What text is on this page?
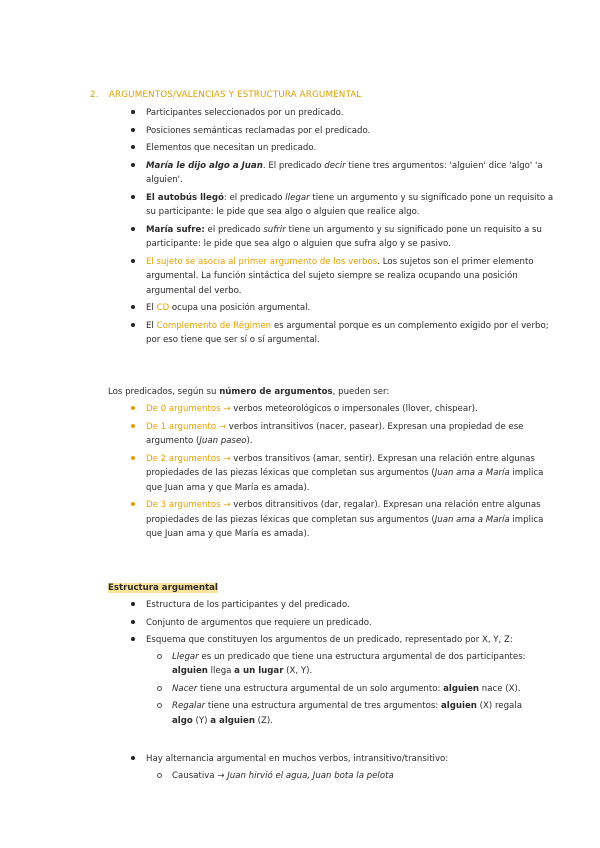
2. ARGUMENTOS/VALENCIAS Y ESTRUCTURA ARGUMENTAL
Participantes seleccionados por un predicado.
Posiciones semánticas reclamadas por el predicado.
Elementos que necesitan un predicado.
María le dijo algo a Juan. El predicado decir tiene tres argumentos: 'alguien' dice 'algo' 'a
alguien'.
El autobús llegó: el predicado llegar tiene un argumento y su significado pone un requisito a
su participante: le pide que sea algo o alguien que realice algo.
María sufre: el predicado sufrir tiene un argumento y su significado pone un requisito a su
participante: le pide que sea algo o alguien que sufra algo y se pasivo.
El sujeto se asocia al primer argumento de los verbos. Los sujetos son el primer elemento
argumental. La función sintáctica del sujeto siempre se realiza ocupando una posición
argumental del verbo.
El CD ocupa una posición argumental.
El Complemento de Régimen es argumental porque es un complemento exigido por el verbo;
por eso tiene que ser sí o sí argumental.

Los predicados, según su número de argumentos, pueden ser:

De 0 argumentos → verbos meteorológicos o impersonales (llover, chispear).
De 1 argumento → verbos intransitivos (nacer, pasear). Expresan una propiedad de ese
argumento (Juan paseo).
De 2 argumentos → verbos transitivos (amar, sentir). Expresan una relación entre algunas
propiedades de las piezas léxicas que completan sus argumentos (Juan ama a María implica
que Juan ama y que María es amada).
De 3 argumentos → verbos ditransitivos (dar, regalar). Expresan una relación entre algunas
propiedades de las piezas léxicas que completan sus argumentos (Juan ama a María implica
que Juan ama y que María es amada).

Estructura argumental

Estructura de los participantes y del predicado.
Conjunto de argumentos que requiere un predicado.
Esquema que constituyen los argumentos de un predicado, representado por X, Y, Z:
Llegar es un predicado que tiene una estructura argumental de dos participantes:
alguien llega a un lugar (X, Y).
Nacer tiene una estructura argumental de un solo argumento: alguien nace (X).
Regalar tiene una estructura argumental de tres argumentos: alguien (X) regala
algo (Y) a alguien (Z).
Hay alternancia argumental en muchos verbos, intransitivo/transitivo:
Causativa → Juan hirvió el agua, Juan bota la pelota
